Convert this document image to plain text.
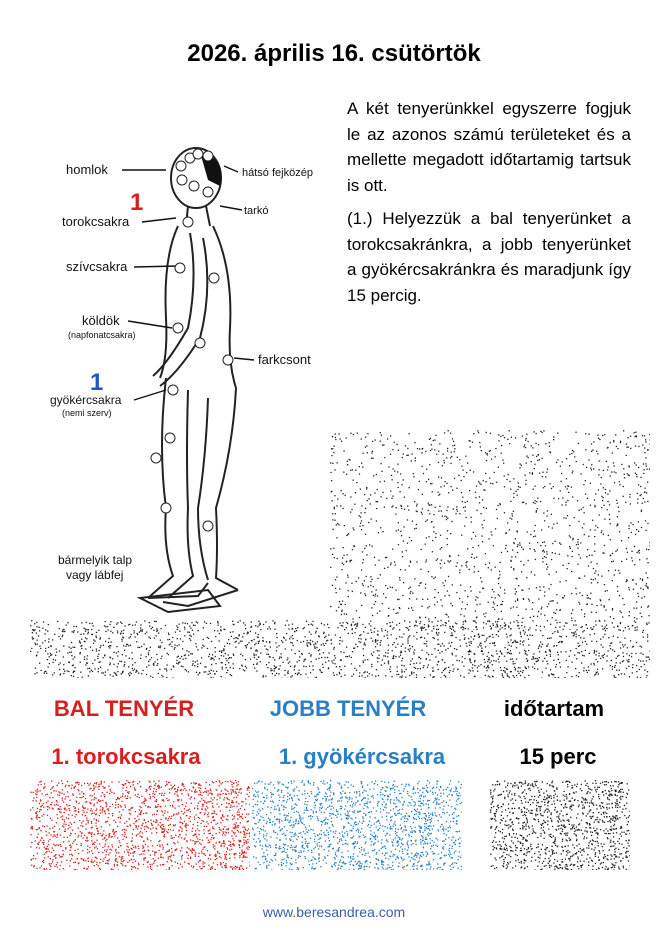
2026. április 16. csütörtök
1
1
homlok	hátsó fejközép
tarkó
torokcsakra
szívcsakra
köldök
(napfonatcsakra)
farkcsont
gyökércsakra
(nemi szerv)
bármelyik talp
vagy lábfej

A két tenyerünkkel egyszerre fogjuk le az azonos számú területeket és a mellette megadott időtartamig tartsuk is ott.

(1.) Helyezzük a bal tenyerünket a torokcsakránkra, a jobb tenyerünket a gyökércsakránkra és maradjunk így 15 percig.

BAL TENYÉR	JOBB TENYÉR	időtartam
1. torokcsakra	1. gyökércsakra	15 perc
www.beresandrea.com
